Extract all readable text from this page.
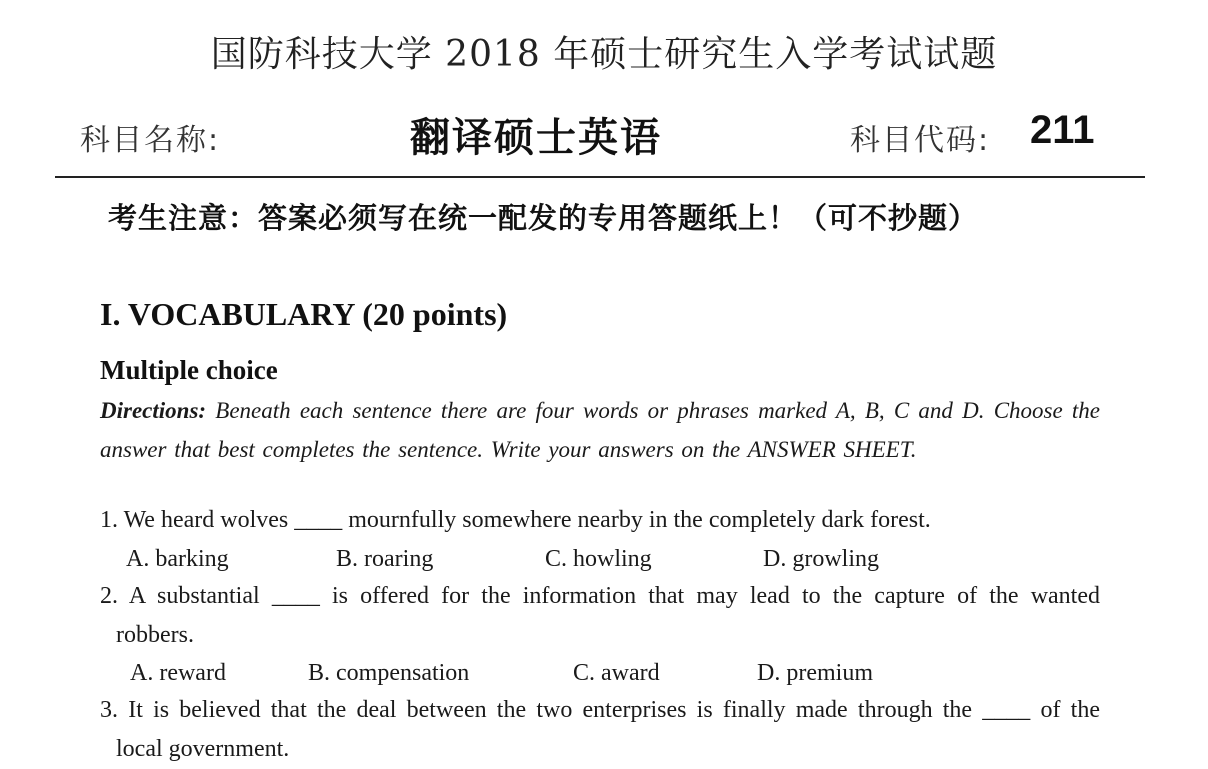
国防科技大学 2018 年硕士研究生入学考试试题
科目名称:	翻译硕士英语	科目代码: 211
考生注意：答案必须写在统一配发的专用答题纸上！（可不抄题）
I. VOCABULARY (20 points)
Multiple choice
Directions: Beneath each sentence there are four words or phrases marked A, B, C and D. Choose the answer that best completes the sentence. Write your answers on the ANSWER SHEET.
1. We heard wolves ____ mournfully somewhere nearby in the completely dark forest.
A. barking	B. roaring	C. howling	D. growling
2. A substantial ____ is offered for the information that may lead to the capture of the wanted
robbers.
A. reward	B. compensation	C. award	D. premium
3. It is believed that the deal between the two enterprises is finally made through the ____ of the
local government.
